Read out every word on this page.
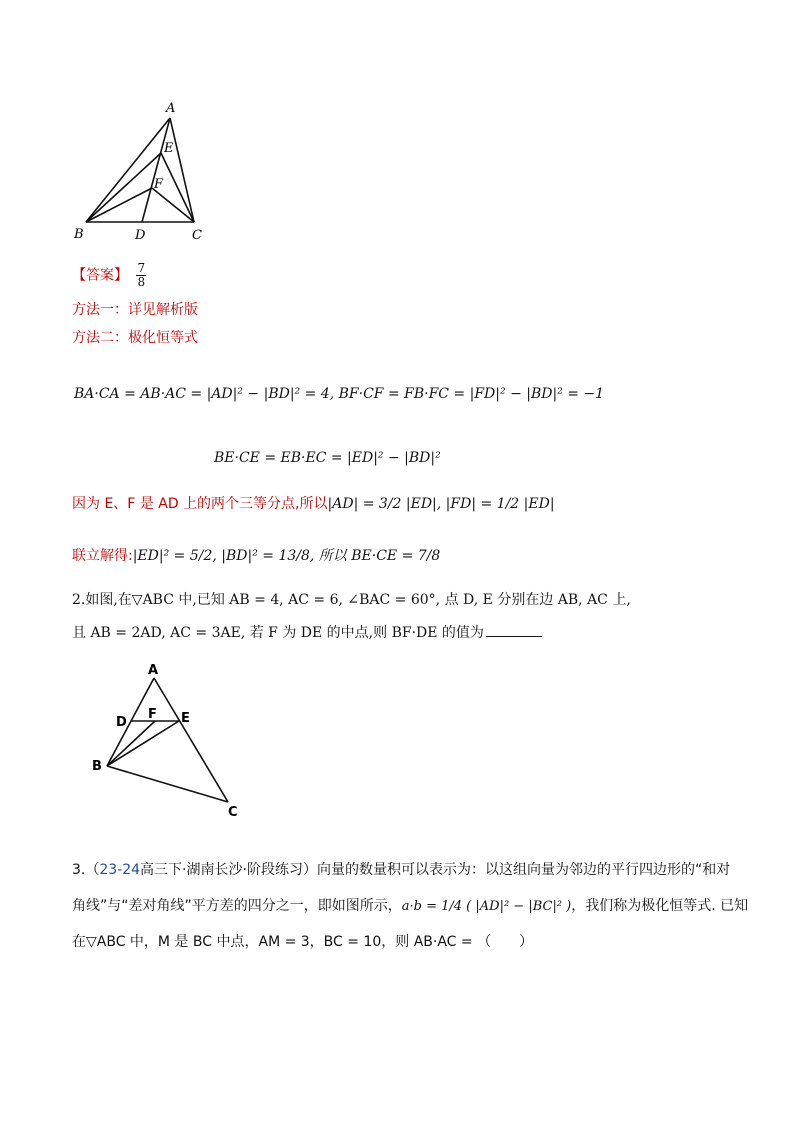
A
E
F
B	D	C
【答案】 $\frac{7}{8}$
方法一：详见解析版
方法二：极化恒等式
BA·CA = AB·AC = |AD|² − |BD|² = 4, BF·CF = FB·FC = |FD|² − |BD|² = −1
BE·CE = EB·EC = |ED|² − |BD|²
因为 E、F 是 AD 上的两个三等分点,所以|AD| = 3/2 |ED|, |FD| = 1/2 |ED|
联立解得:|ED|² = 5/2, |BD|² = 13/8, 所以 BE·CE = 7/8
2.如图,在▽ABC 中,已知 AB = 4, AC = 6, ∠BAC = 60°, 点 D, E 分别在边 AB, AC 上,
且 AB = 2AD, AC = 3AE, 若 F 为 DE 的中点,则 BF·DE 的值为
A
D
F E
B
C
3.（23-24高三下·湖南长沙·阶段练习）向量的数量积可以表示为：以这组向量为邻边的平行四边形的“和对
角线”与“差对角线”平方差的四分之一，即如图所示，a·b = 1/4 ( |AD|² − |BC|² )，我们称为极化恒等式. 已知
在▽ABC 中，M 是 BC 中点，AM = 3，BC = 10，则 AB·AC = （　　）
